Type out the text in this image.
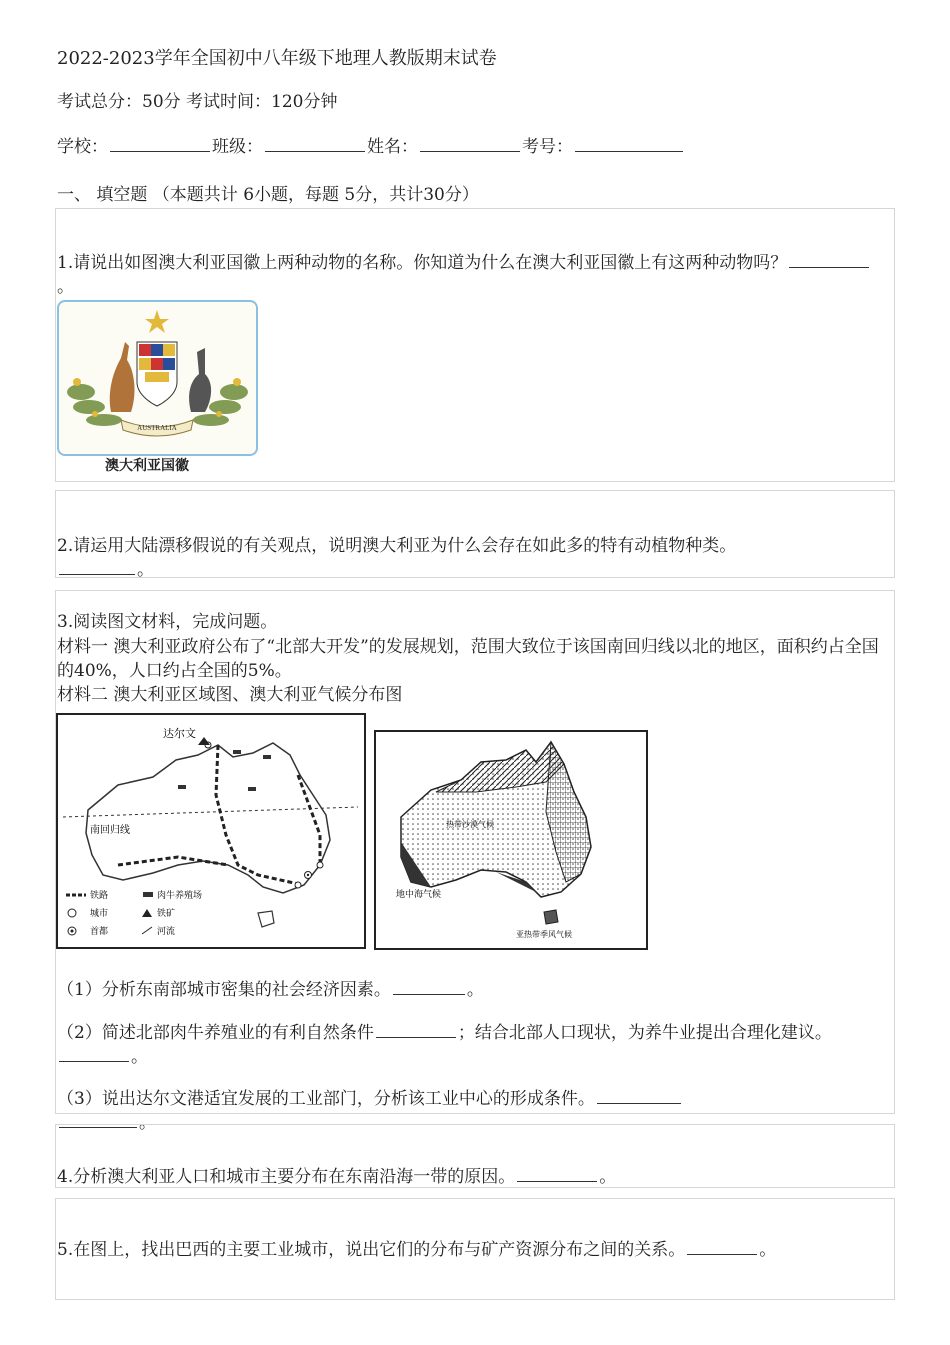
2022-2023学年全国初中八年级下地理人教版期末试卷
考试总分：50分 考试时间：120分钟
学校：	班级：	姓名：	考号：
一、 填空题 （本题共计 6小题，每题 5分，共计30分）
1.请说出如图澳大利亚国徽上两种动物的名称。你知道为什么在澳大利亚国徽上有这两种动物吗？。
AUSTRALIA
澳大利亚国徽
2.请运用大陆漂移假说的有关观点，说明澳大利亚为什么会存在如此多的特有动植物种类。
。
3.阅读图文材料，完成问题。
材料一 澳大利亚政府公布了“北部大开发”的发展规划，范围大致位于该国南回归线以北的地区，面积约占全国的40%，人口约占全国的5%。
材料二 澳大利亚区域图、澳大利亚气候分布图
达尔文
南回归线
铁路	肉牛养殖场
城市	铁矿
首都	河流
地中海气候
亚热带季风气候
热带沙漠气候
（1）分析东南部城市密集的社会经济因素。	。
（2）简述北部肉牛养殖业的有利自然条件	；结合北部人口现状，为养牛业提出合理化建议。。
（3）说出达尔文港适宜发展的工业部门，分析该工业中心的形成条件。
。
4.分析澳大利亚人口和城市主要分布在东南沿海一带的原因。	。
5.在图上，找出巴西的主要工业城市，说出它们的分布与矿产资源分布之间的关系。	。
